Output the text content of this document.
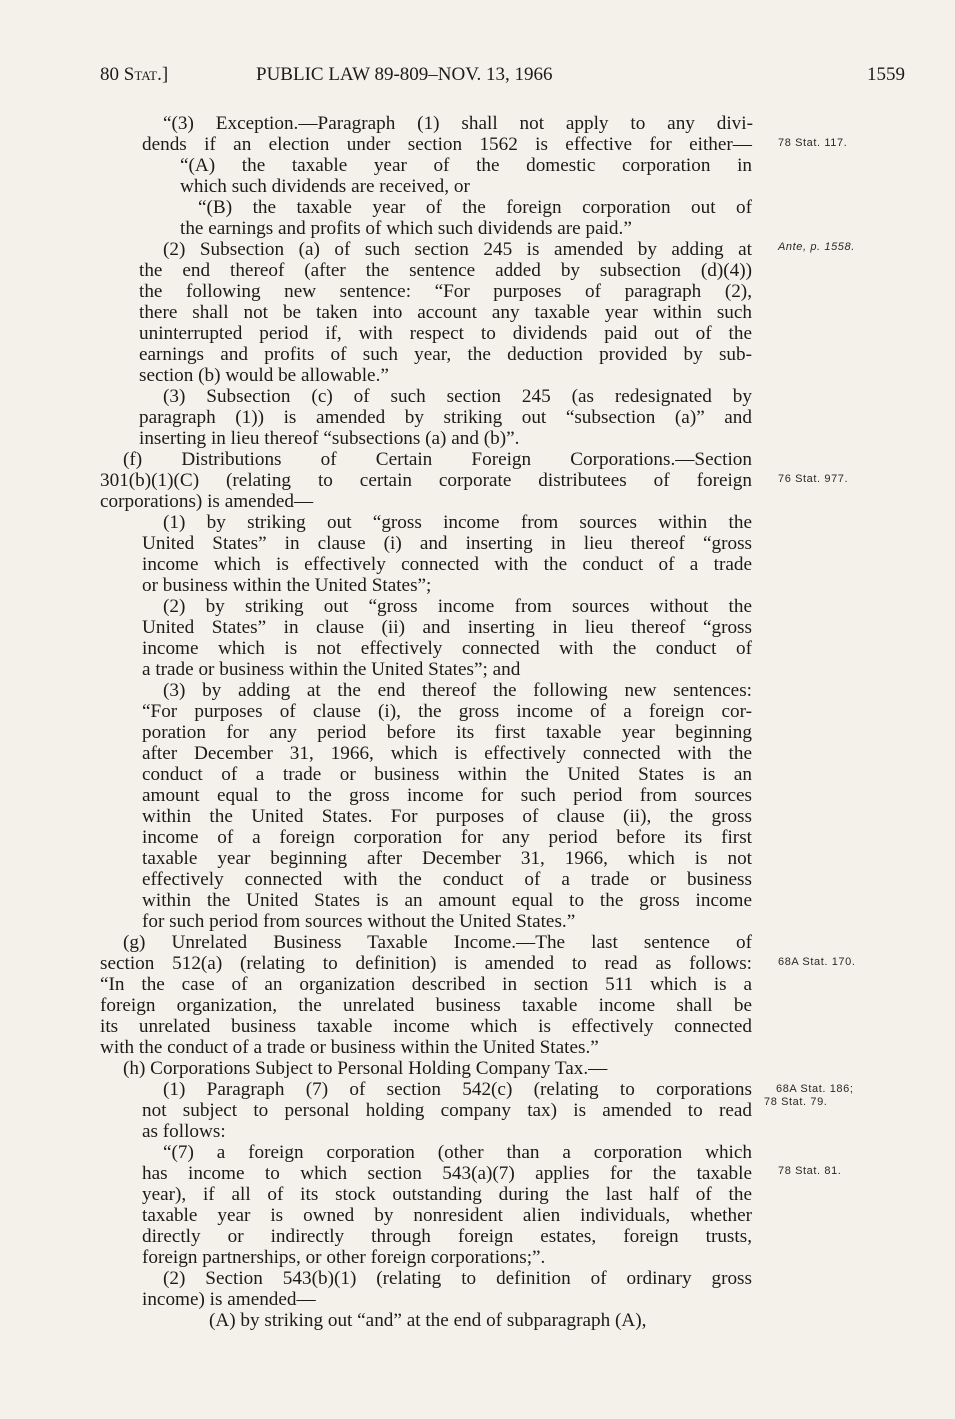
80 Stat.]	PUBLIC LAW 89-809–NOV. 13, 1966	1559
“(3) Exception.—Paragraph (1) shall not apply to any divi-
dends if an election under section 1562 is effective for either—
“(A) the taxable year of the domestic corporation in
which such dividends are received, or
“(B) the taxable year of the foreign corporation out of
the earnings and profits of which such dividends are paid.”
(2) Subsection (a) of such section 245 is amended by adding at
the end thereof (after the sentence added by subsection (d)(4))
the following new sentence: “For purposes of paragraph (2),
there shall not be taken into account any taxable year within such
uninterrupted period if, with respect to dividends paid out of the
earnings and profits of such year, the deduction provided by sub-
section (b) would be allowable.”
(3) Subsection (c) of such section 245 (as redesignated by
paragraph (1)) is amended by striking out “subsection (a)” and
inserting in lieu thereof “subsections (a) and (b)”.
(f) Distributions of Certain Foreign Corporations.—Section
301(b)(1)(C) (relating to certain corporate distributees of foreign
corporations) is amended—
(1) by striking out “gross income from sources within the
United States” in clause (i) and inserting in lieu thereof “gross
income which is effectively connected with the conduct of a trade
or business within the United States”;
(2) by striking out “gross income from sources without the
United States” in clause (ii) and inserting in lieu thereof “gross
income which is not effectively connected with the conduct of
a trade or business within the United States”; and
(3) by adding at the end thereof the following new sentences:
“For purposes of clause (i), the gross income of a foreign cor-
poration for any period before its first taxable year beginning
after December 31, 1966, which is effectively connected with the
conduct of a trade or business within the United States is an
amount equal to the gross income for such period from sources
within the United States. For purposes of clause (ii), the gross
income of a foreign corporation for any period before its first
taxable year beginning after December 31, 1966, which is not
effectively connected with the conduct of a trade or business
within the United States is an amount equal to the gross income
for such period from sources without the United States.”
(g) Unrelated Business Taxable Income.—The last sentence of
section 512(a) (relating to definition) is amended to read as follows:
“In the case of an organization described in section 511 which is a
foreign organization, the unrelated business taxable income shall be
its unrelated business taxable income which is effectively connected
with the conduct of a trade or business within the United States.”
(h) Corporations Subject to Personal Holding Company Tax.—
(1) Paragraph (7) of section 542(c) (relating to corporations
not subject to personal holding company tax) is amended to read
as follows:
“(7) a foreign corporation (other than a corporation which
has income to which section 543(a)(7) applies for the taxable
year), if all of its stock outstanding during the last half of the
taxable year is owned by nonresident alien individuals, whether
directly or indirectly through foreign estates, foreign trusts,
foreign partnerships, or other foreign corporations;”.
(2) Section 543(b)(1) (relating to definition of ordinary gross
income) is amended—
(A) by striking out “and” at the end of subparagraph (A),
78 Stat. 117.
Ante, p. 1558.
76 Stat. 977.
68A Stat. 170.
68A Stat. 186;
78 Stat. 79.
78 Stat. 81.
